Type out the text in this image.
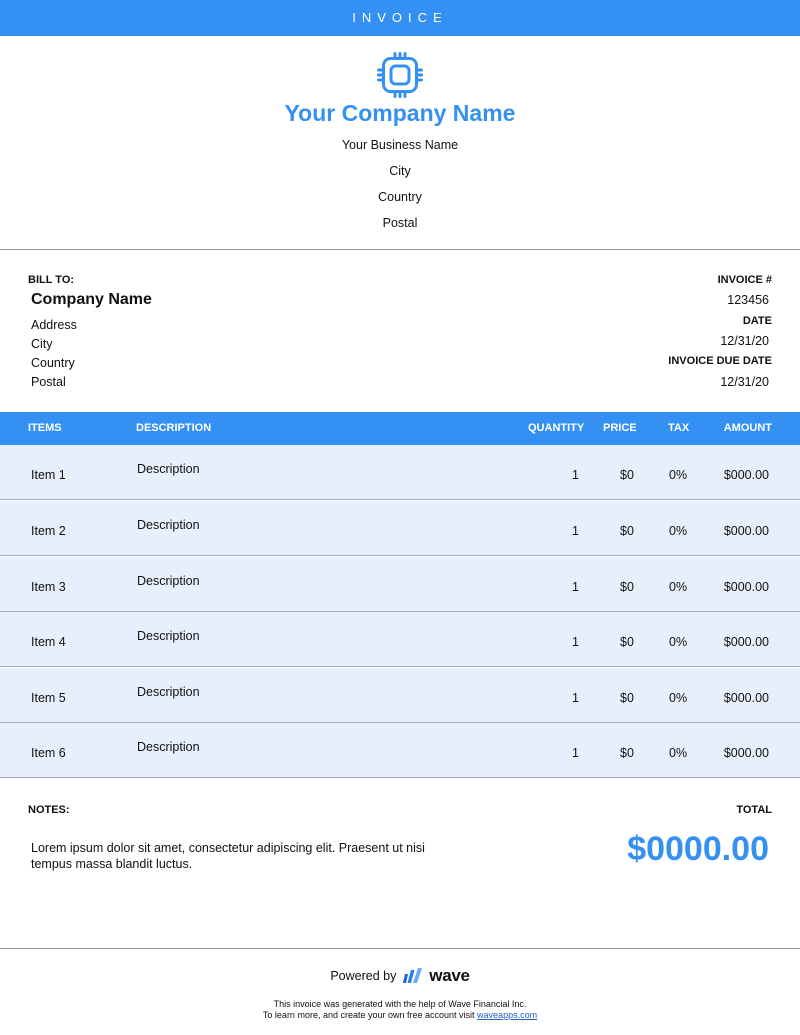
INVOICE
Your Company Name
Your Business Name
City
Country
Postal
BILL TO:
Company Name
Address
City
Country
Postal
INVOICE #
123456
DATE
12/31/20
INVOICE DUE DATE
12/31/20
ITEMS	DESCRIPTION	QUANTITY PRICE	TAX	AMOUNT
Item 1	Description	1	$0	0%	$000.00
Item 2	Description	1	$0	0%	$000.00
Item 3	Description	1	$0	0%	$000.00
Item 4	Description	1	$0	0%	$000.00
Item 5	Description	1	$0	0%	$000.00
Item 6	Description	1	$0	0%	$000.00
NOTES:
Lorem ipsum dolor sit amet, consectetur adipiscing elit. Praesent ut nisi tempus massa blandit luctus.
TOTAL
$0000.00
Powered by wave
This invoice was generated with the help of Wave Financial Inc.
To learn more, and create your own free account visit waveapps.com
